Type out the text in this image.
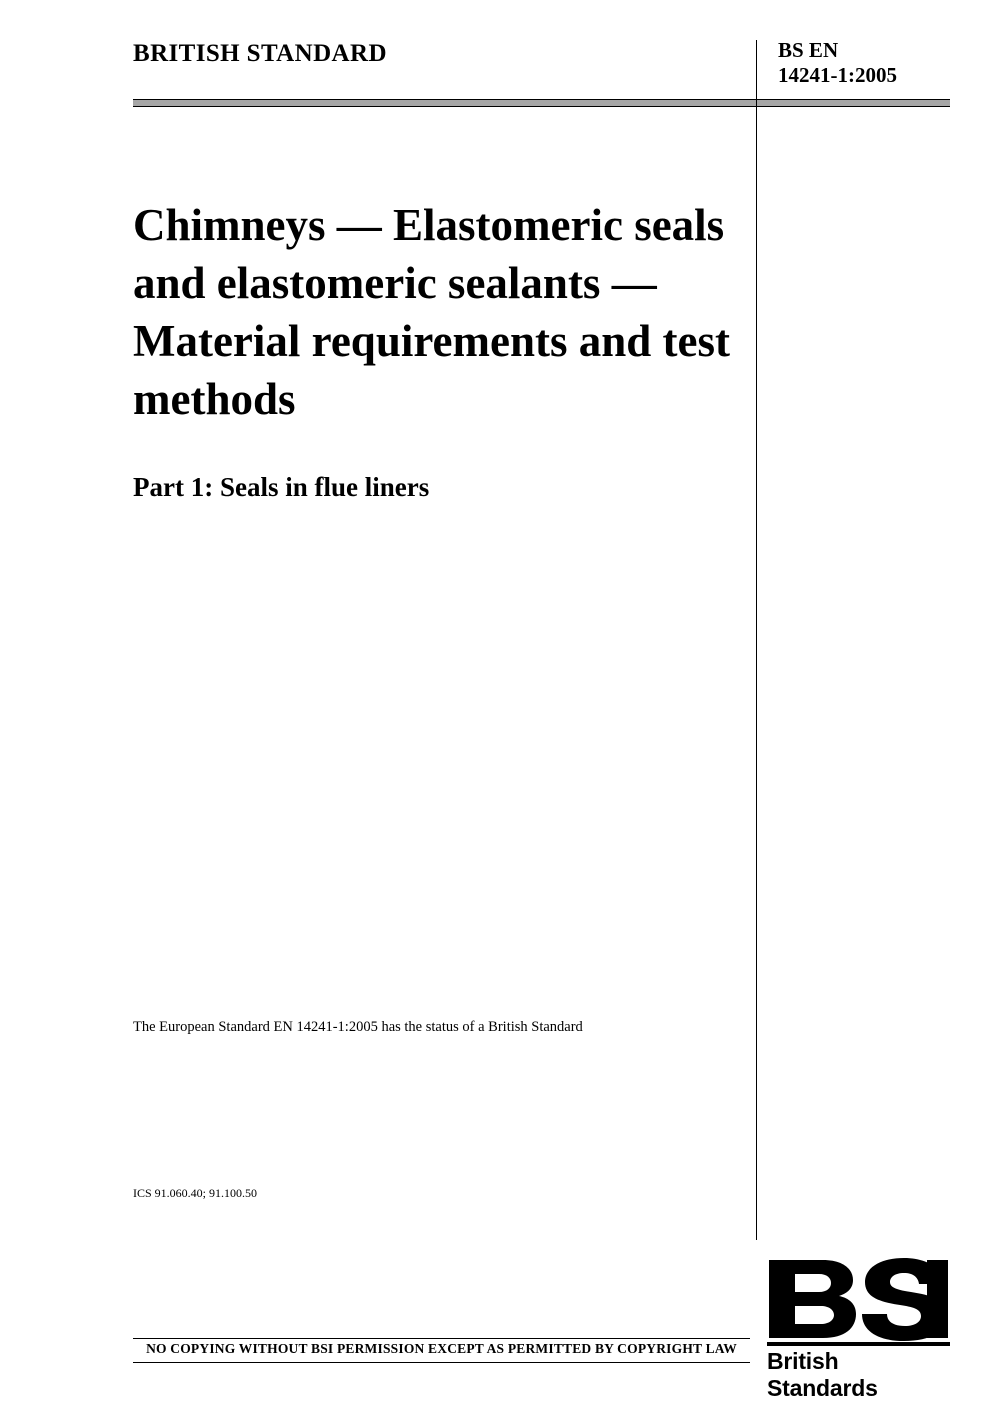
BRITISH STANDARD	BS EN
14241-1:2005
Chimneys — Elastomeric seals and elastomeric sealants — Material requirements and test methods
Part 1: Seals in flue liners
The European Standard EN 14241-1:2005 has the status of a British Standard
ICS 91.060.40; 91.100.50
NO COPYING WITHOUT BSI PERMISSION EXCEPT AS PERMITTED BY COPYRIGHT LAW	British Standards
